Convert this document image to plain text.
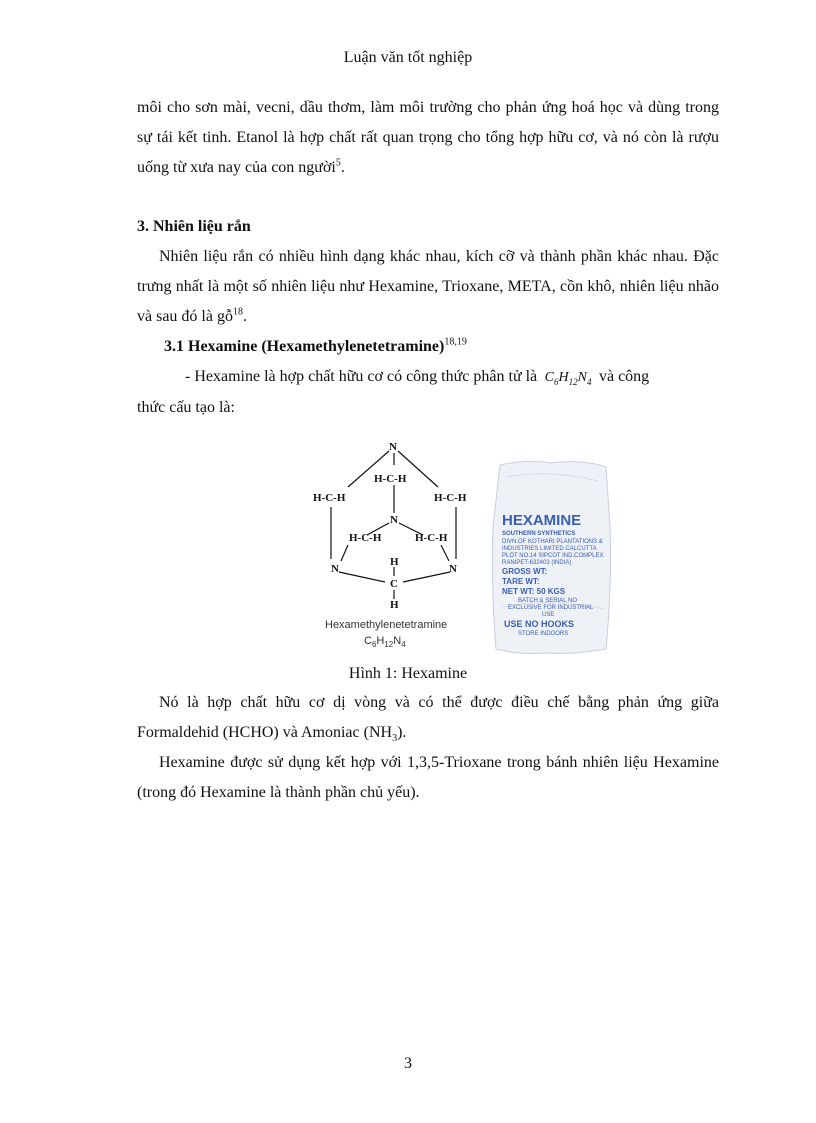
Luận văn tốt nghiệp

môi cho sơn mài, vecni, dầu thơm, làm môi trường cho phản ứng hoá học và dùng trong sự tái kết tinh. Etanol là hợp chất rất quan trọng cho tổng hợp hữu cơ, và nó còn là rượu uống từ xưa nay của con người$^5$.

3. Nhiên liệu rắn

Nhiên liệu rắn có nhiều hình dạng khác nhau, kích cỡ và thành phần khác nhau. Đặc trưng nhất là một số nhiên liệu như Hexamine, Trioxane, META, cồn khô, nhiên liệu nhão và sau đó là gỗ$^{18}$.

3.1 Hexamine (Hexamethylenetetramine)$^{18,19}$

- Hexamine là hợp chất hữu cơ có công thức phân tử là $C_6H_{12}N_4$ và công

thức cấu tạo là:

N
H-C-H
H-C-H	H-C-H
N
H-C-H	H-C-H
H
N	N
C
H
Hexamethylenetetramine
$C_6H_{12}N_4$
HEXAMINE
SOUTHERN SYNTHETICS
DIVN.OF KOTHARI PLANTATIONS &
INDUSTRIES LIMITED CALCUTTA
PLOT NO.14 SIPCOT IND.COMPLEX
RANIPET-632403 (INDIA)
GROSS WT:
TARE WT:
NET WT: 50 KGS
BATCH & SERIAL NO
EXCLUSIVE FOR INDUSTRIAL
USE
USE NO HOOKS
STORE INDOORS
Hình 1: Hexamine

Nó là hợp chất hữu cơ dị vòng và có thể được điều chế bằng phản ứng giữa Formaldehid (HCHO) và Amoniac $(NH_3)$.

Hexamine được sử dụng kết hợp với 1,3,5-Trioxane trong bánh nhiên liệu Hexamine (trong đó Hexamine là thành phần chủ yếu).

3
